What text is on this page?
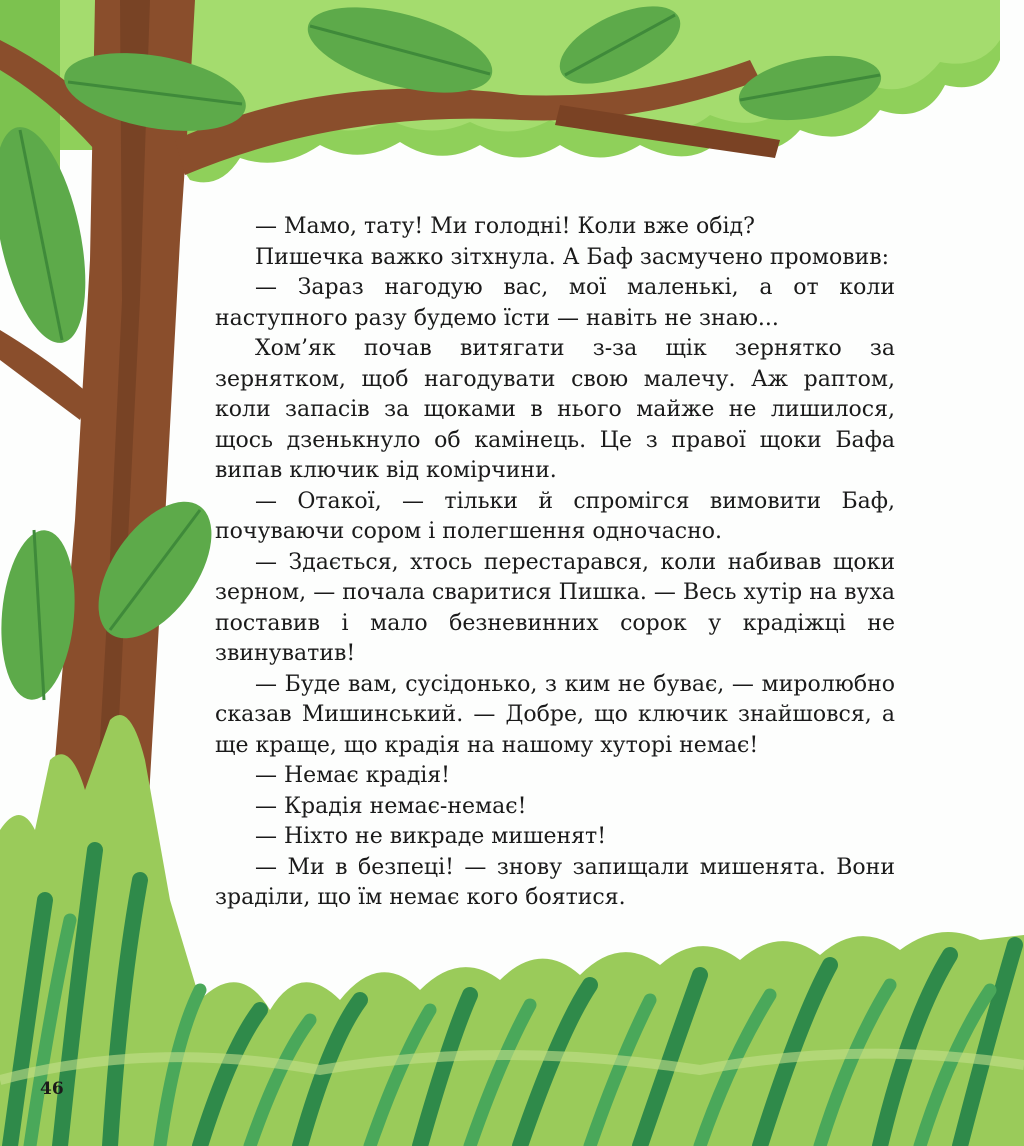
— Мамо, тату! Ми голодні! Коли вже обід?

Пишечка важко зітхнула. А Баф засмучено промовив:

— Зараз нагодую вас, мої маленькі, а от коли наступного разу будемо їсти — навіть не знаю...

Хом’як почав витягати з-за щік зернятко за зернятком, щоб нагодувати свою малечу. Аж раптом, коли запасів за щоками в нього майже не лишилося, щось дзенькнуло об камінець. Це з правої щоки Бафа випав ключик від комірчини.

— Отакої, — тільки й спромігся вимовити Баф, почуваючи сором і полегшення одночасно.

— Здається, хтось перестарався, коли набивав щоки зерном, — почала сваритися Пишка. — Весь хутір на вуха поставив і мало безневинних сорок у крадіжці не звинуватив!

— Буде вам, сусідонько, з ким не буває, — миролюбно сказав Мишинський. — Добре, що ключик знайшовся, а ще краще, що крадія на нашому хуторі немає!

— Немає крадія!

— Крадія немає-немає!

— Ніхто не викраде мишенят!

— Ми в безпеці! — знову запищали мишенята. Вони зраділи, що їм немає кого боятися.

46
